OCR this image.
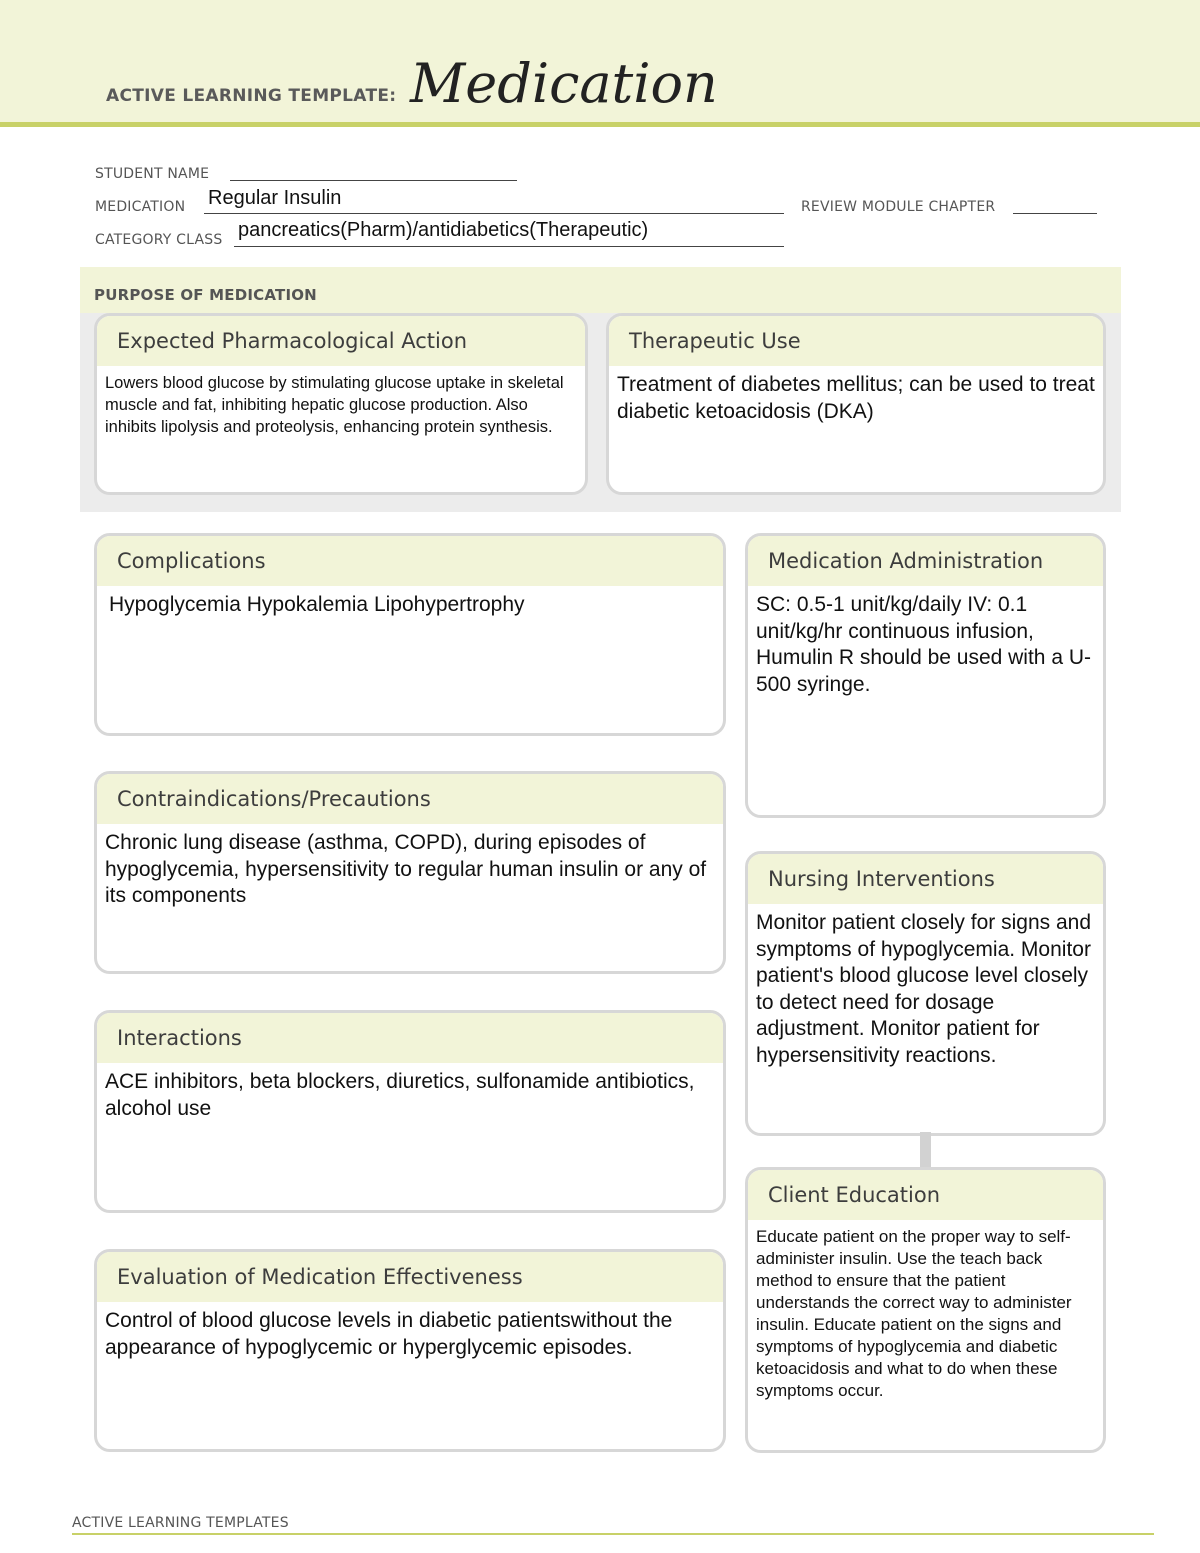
ACTIVE LEARNING TEMPLATE: Medication
STUDENT NAME
MEDICATION Regular Insulin	REVIEW MODULE CHAPTER
CATEGORY CLASS pancreatics(Pharm)/antidiabetics(Therapeutic)
PURPOSE OF MEDICATION
Expected Pharmacological Action
Lowers blood glucose by stimulating glucose uptake in skeletal muscle and fat, inhibiting hepatic glucose production. Also inhibits lipolysis and proteolysis, enhancing protein synthesis.
Therapeutic Use
Treatment of diabetes mellitus; can be used to treat diabetic ketoacidosis (DKA)
Complications
Hypoglycemia Hypokalemia Lipohypertrophy
Contraindications/Precautions
Chronic lung disease (asthma, COPD), during episodes of hypoglycemia, hypersensitivity to regular human insulin or any of its components
Interactions
ACE inhibitors, beta blockers, diuretics, sulfonamide antibiotics, alcohol use
Evaluation of Medication Effectiveness
Control of blood glucose levels in diabetic patientswithout the appearance of hypoglycemic or hyperglycemic episodes.
Medication Administration
SC: 0.5-1 unit/kg/daily IV: 0.1 unit/kg/hr continuous infusion, Humulin R should be used with a U-500 syringe.
Nursing Interventions
Monitor patient closely for signs and symptoms of hypoglycemia. Monitor patient's blood glucose level closely to detect need for dosage adjustment. Monitor patient for hypersensitivity reactions.
Client Education
Educate patient on the proper way to self-administer insulin. Use the teach back method to ensure that the patient understands the correct way to administer insulin. Educate patient on the signs and symptoms of hypoglycemia and diabetic ketoacidosis and what to do when these symptoms occur.
ACTIVE LEARNING TEMPLATES
